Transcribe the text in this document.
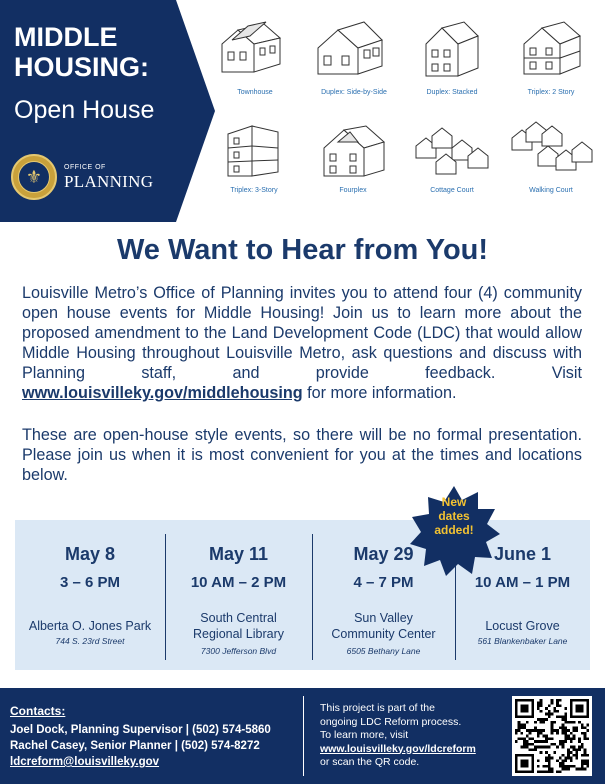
MIDDLE
HOUSING:
Open House
⚜	OFFICE OF
PLANNING
Townhouse	Duplex: Side-by-Side	Duplex: Stacked	Triplex: 2 Story
Triplex: 3-Story	Fourplex	Cottage Court	Walking Court
We Want to Hear from You!
Louisville Metro’s Office of Planning invites you to attend four (4) community open house events for Middle Housing! Join us to learn more about the proposed amendment to the Land Development Code (LDC) that would allow Middle Housing throughout Louisville Metro, ask questions and discuss with Planning staff, and provide feedback. Visit www.louisvilleky.gov/middlehousing for more information.
These are open-house style events, so there will be no formal presentation. Please join us when it is most convenient for you at the times and locations below.
May 8
3 – 6 PM
Alberta O. Jones Park
744 S. 23rd Street
May 11
10 AM – 2 PM
South Central
Regional Library
7300 Jefferson Blvd
May 29
4 – 7 PM
Sun Valley
Community Center
6505 Bethany Lane
June 1
10 AM – 1 PM
Locust Grove
561 Blankenbaker Lane
New
dates
added!
Contacts:
Joel Dock, Planning Supervisor | (502) 574-5860
Rachel Casey, Senior Planner | (502) 574-8272
ldcreform@louisvilleky.gov
This project is part of the
ongoing LDC Reform process.
To learn more, visit
www.louisvilleky.gov/ldcreform
or scan the QR code.
